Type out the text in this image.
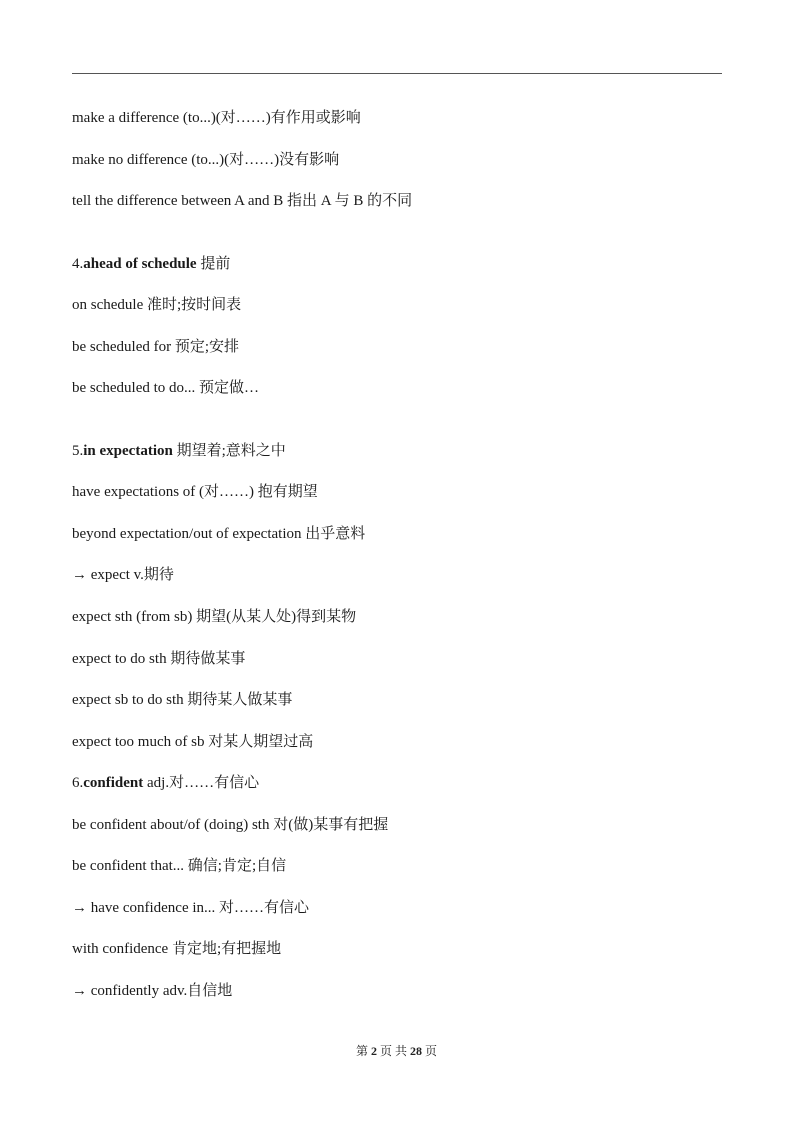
make a difference (to...)(对……)有作用或影响
make no difference (to...)(对……)没有影响
tell the difference between A and B 指出 A 与 B 的不同
4.ahead of schedule 提前
on schedule 准时;按时间表
be scheduled for 预定;安排
be scheduled to do... 预定做…
5.in expectation 期望着;意料之中
have expectations of (对……) 抱有期望
beyond expectation/out of expectation 出乎意料
→ expect v.期待
expect sth (from sb) 期望(从某人处)得到某物
expect to do sth 期待做某事
expect sb to do sth 期待某人做某事
expect too much of sb 对某人期望过高
6.confident adj.对……有信心
be confident about/of (doing) sth 对(做)某事有把握
be confident that... 确信;肯定;自信
→ have confidence in... 对……有信心
with confidence 肯定地;有把握地
→ confidently adv.自信地
第 2 页 共 28 页
